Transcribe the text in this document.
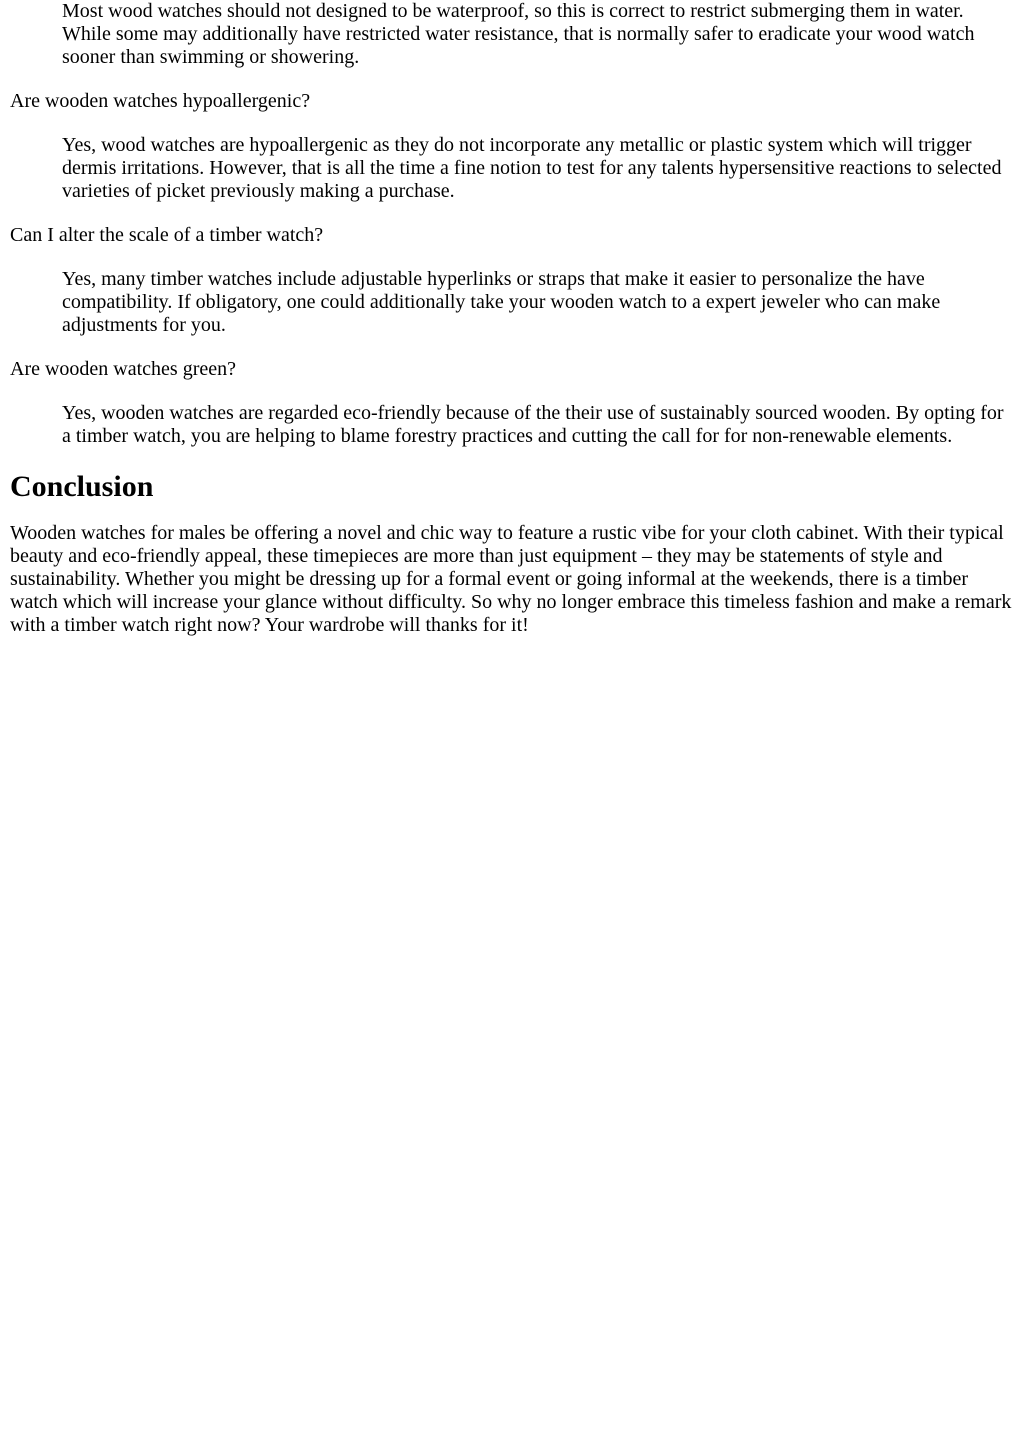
Most wood watches should not designed to be waterproof, so this is correct to restrict submerging them in water. While some may additionally have restricted water resistance, that is normally safer to eradicate your wood watch sooner than swimming or showering.

Are wooden watches hypoallergenic?

Yes, wood watches are hypoallergenic as they do not incorporate any metallic or plastic system which will trigger dermis irritations. However, that is all the time a fine notion to test for any talents hypersensitive reactions to selected varieties of picket previously making a purchase.

Can I alter the scale of a timber watch?

Yes, many timber watches include adjustable hyperlinks or straps that make it easier to personalize the have compatibility. If obligatory, one could additionally take your wooden watch to a expert jeweler who can make adjustments for you.

Are wooden watches green?

Yes, wooden watches are regarded eco-friendly because of the their use of sustainably sourced wooden. By opting for a timber watch, you are helping to blame forestry practices and cutting the call for for non-renewable elements.

Conclusion

Wooden watches for males be offering a novel and chic way to feature a rustic vibe for your cloth cabinet. With their typical beauty and eco-friendly appeal, these timepieces are more than just equipment – they may be statements of style and sustainability. Whether you might be dressing up for a formal event or going informal at the weekends, there is a timber watch which will increase your glance without difficulty. So why no longer embrace this timeless fashion and make a remark with a timber watch right now? Your wardrobe will thanks for it!
